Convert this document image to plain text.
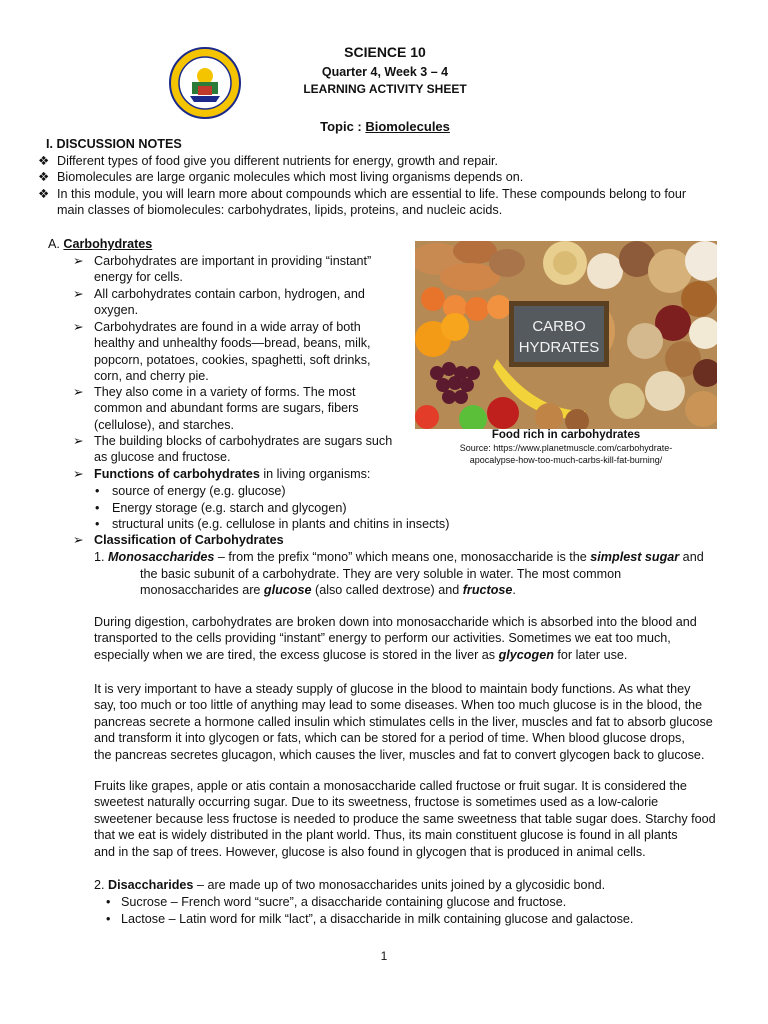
SCIENCE 10
Quarter 4, Week 3 – 4
LEARNING ACTIVITY SHEET
Topic : Biomolecules
I. DISCUSSION NOTES
❖ Different types of food give you different nutrients for energy, growth and repair.
❖ Biomolecules are large organic molecules which most living organisms depends on.
❖ In this module, you will learn more about compounds which are essential to life. These compounds belong to four
main classes of biomolecules: carbohydrates, lipids, proteins, and nucleic acids.
A. Carbohydrates
➢ Carbohydrates are important in providing “instant”
energy for cells.
➢ All carbohydrates contain carbon, hydrogen, and
oxygen.
➢ Carbohydrates are found in a wide array of both
healthy and unhealthy foods—bread, beans, milk,
popcorn, potatoes, cookies, spaghetti, soft drinks,
corn, and cherry pie.
➢ They also come in a variety of forms. The most
common and abundant forms are sugars, fibers
(cellulose), and starches.
➢ The building blocks of carbohydrates are sugars such
as glucose and fructose.
➢ Functions of carbohydrates in living organisms:
• source of energy (e.g. glucose)
• Energy storage (e.g. starch and glycogen)
• structural units (e.g. cellulose in plants and chitins in insects)
➢ Classification of Carbohydrates
CARBO
HYDRATES
Food rich in carbohydrates
Source: https://www.planetmuscle.com/carbohydrate-
apocalypse-how-too-much-carbs-kill-fat-burning/
1. Monosaccharides – from the prefix “mono” which means one, monosaccharide is the simplest sugar and
the basic subunit of a carbohydrate. They are very soluble in water. The most common
monosaccharides are glucose (also called dextrose) and fructose.
During digestion, carbohydrates are broken down into monosaccharide which is absorbed into the blood and
transported to the cells providing “instant” energy to perform our activities. Sometimes we eat too much,
especially when we are tired, the excess glucose is stored in the liver as glycogen for later use.
It is very important to have a steady supply of glucose in the blood to maintain body functions. As what they
say, too much or too little of anything may lead to some diseases. When too much glucose is in the blood, the
pancreas secrete a hormone called insulin which stimulates cells in the liver, muscles and fat to absorb glucose
and transform it into glycogen or fats, which can be stored for a period of time. When blood glucose drops,
the pancreas secretes glucagon, which causes the liver, muscles and fat to convert glycogen back to glucose.
Fruits like grapes, apple or atis contain a monosaccharide called fructose or fruit sugar. It is considered the
sweetest naturally occurring sugar. Due to its sweetness, fructose is sometimes used as a low-calorie
sweetener because less fructose is needed to produce the same sweetness that table sugar does. Starchy food
that we eat is widely distributed in the plant world. Thus, its main constituent glucose is found in all plants
and in the sap of trees. However, glucose is also found in glycogen that is produced in animal cells.
2. Disaccharides – are made up of two monosaccharides units joined by a glycosidic bond.
• Sucrose – French word “sucre”, a disaccharide containing glucose and fructose.
• Lactose – Latin word for milk “lact”, a disaccharide in milk containing glucose and galactose.
1
